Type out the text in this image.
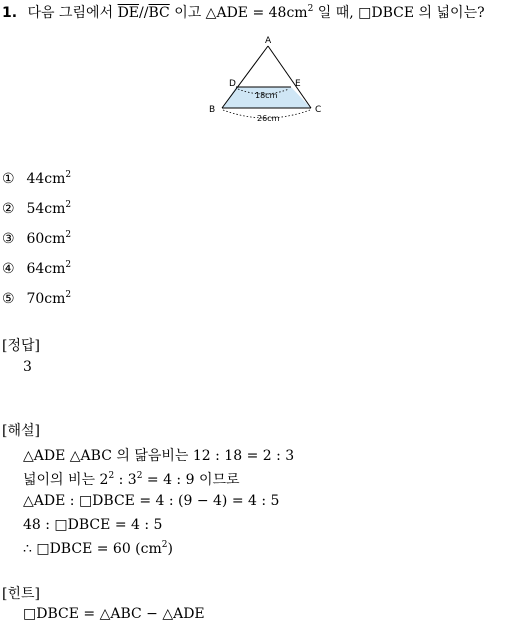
1. 다음 그림에서 $\overline{DE}//\overline{BC}$ 이고 △ADE = $48cm^2$ 일 때, □DBCE 의 넓이는?
A
D	E
B	C
18cm
26cm
① $44cm^2$
② $54cm^2$
③ $60cm^2$
④ $64cm^2$
⑤ $70cm^2$
[정답]
3
[해설]
△ADE △ABC 의 닮음비는 12 : 18 = 2 : 3
넓이의 비는 $2^2$ : $3^2 = 4$ : 9 이므로
△ADE : □DBCE = 4 : (9 − 4) = 4 : 5
48 : □DBCE = 4 : 5
∴ □DBCE = 60 $(cm^2)$
[힌트]
□DBCE = △ABC − △ADE
